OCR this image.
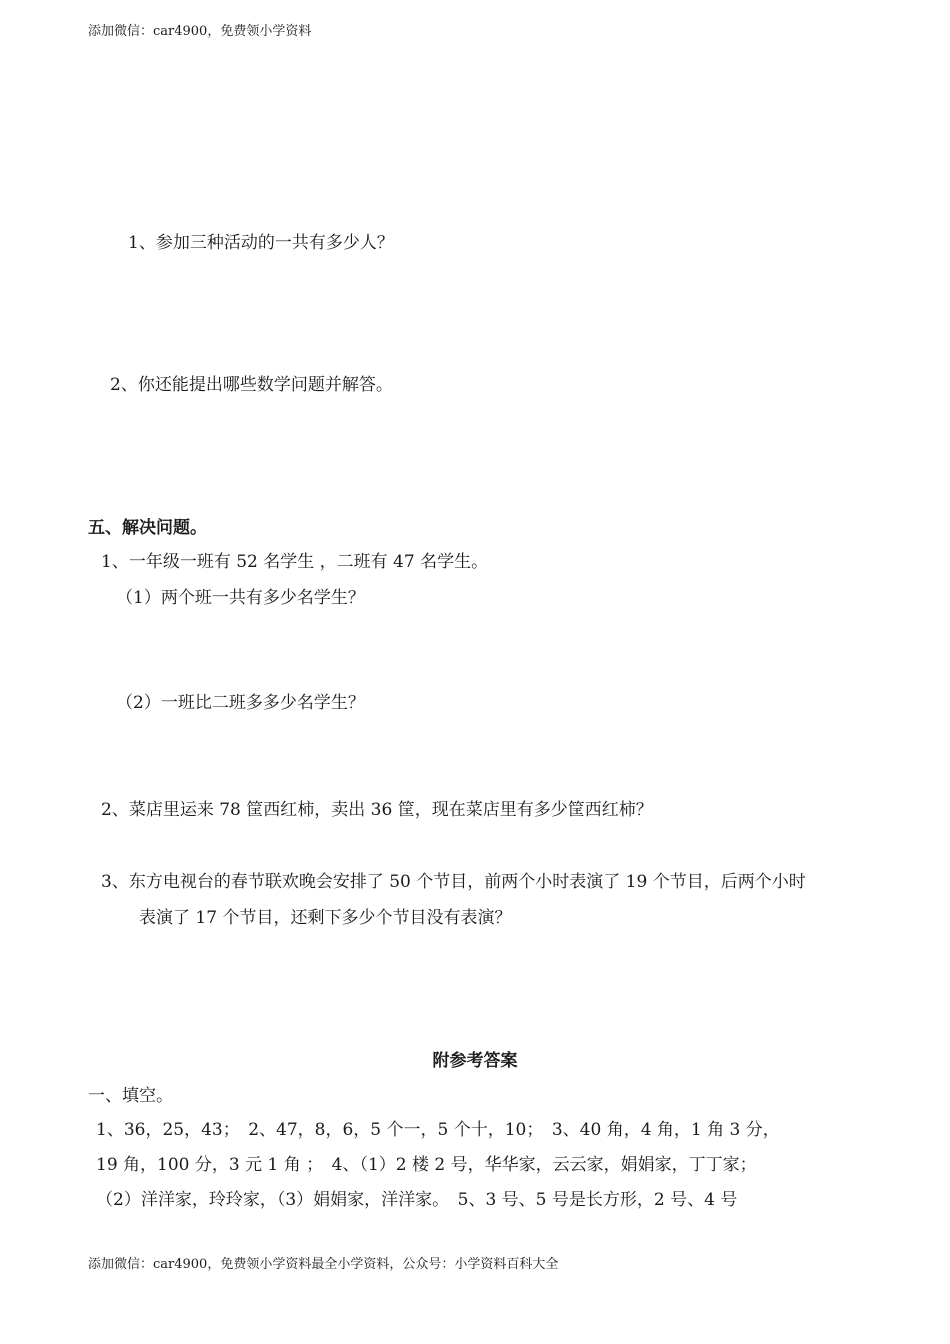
添加微信：car4900，免费领小学资料
1、参加三种活动的一共有多少人？
2、你还能提出哪些数学问题并解答。
五、解决问题。
1、一年级一班有 52 名学生 ，二班有 47 名学生。
（1）两个班一共有多少名学生？
（2）一班比二班多多少名学生？
2、菜店里运来 78 筐西红柿，卖出 36 筐，现在菜店里有多少筐西红柿？
3、东方电视台的春节联欢晚会安排了 50 个节目，前两个小时表演了 19 个节目，后两个小时
表演了 17 个节目，还剩下多少个节目没有表演？
附参考答案
一、填空。
1、36，25，43；　2、47，8，6，5 个一，5 个十，10；　3、40 角，4 角，1 角 3 分，
19 角，100 分，3 元 1 角 ；　4、（1）2 楼 2 号，华华家，云云家，娟娟家，丁丁家；
（2）洋洋家，玲玲家，（3）娟娟家，洋洋家。　5、3 号、5 号是长方形，2 号、4 号
添加微信：car4900，免费领小学资料最全小学资料，公众号：小学资料百科大全
